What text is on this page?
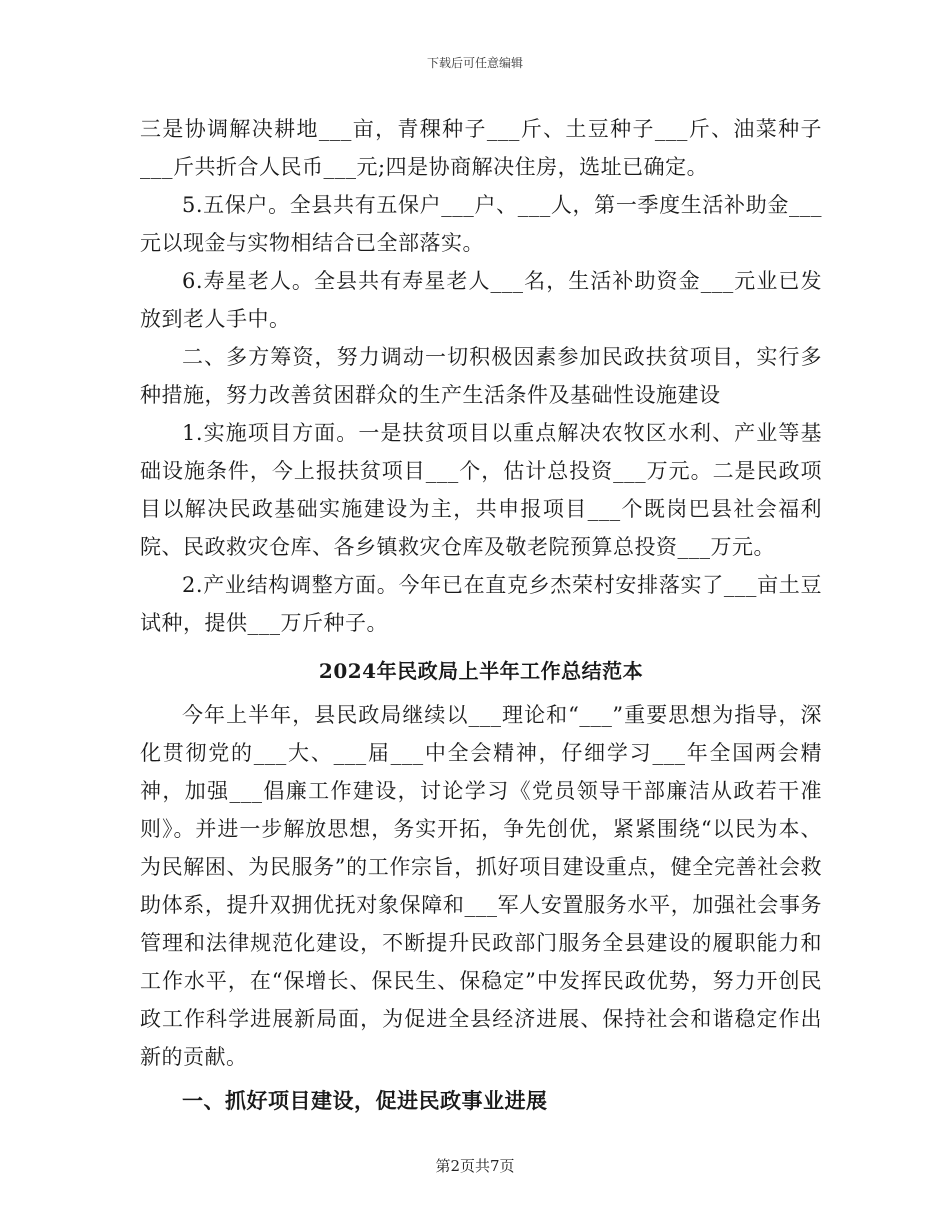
下载后可任意编辑

三是协调解决耕地___亩，青稞种子___斤、土豆种子___斤、油菜种子___斤共折合人民币___元;四是协商解决住房，选址已确定。

5.五保户。全县共有五保户___户、___人，第一季度生活补助金___元以现金与实物相结合已全部落实。

6.寿星老人。全县共有寿星老人___名，生活补助资金___元业已发放到老人手中。

二、多方筹资，努力调动一切积极因素参加民政扶贫项目，实行多种措施，努力改善贫困群众的生产生活条件及基础性设施建设

1.实施项目方面。一是扶贫项目以重点解决农牧区水利、产业等基础设施条件，今上报扶贫项目___个，估计总投资___万元。二是民政项目以解决民政基础实施建设为主，共申报项目___个既岗巴县社会福利院、民政救灾仓库、各乡镇救灾仓库及敬老院预算总投资___万元。

2.产业结构调整方面。今年已在直克乡杰荣村安排落实了___亩土豆试种，提供___万斤种子。

2024年民政局上半年工作总结范本

今年上半年，县民政局继续以___理论和“___”重要思想为指导，深化贯彻党的___大、___届___中全会精神，仔细学习___年全国两会精神，加强___倡廉工作建设，讨论学习《党员领导干部廉洁从政若干准则》。并进一步解放思想，务实开拓，争先创优，紧紧围绕“以民为本、为民解困、为民服务”的工作宗旨，抓好项目建设重点，健全完善社会救助体系，提升双拥优抚对象保障和___军人安置服务水平，加强社会事务管理和法律规范化建设，不断提升民政部门服务全县建设的履职能力和工作水平，在“保增长、保民生、保稳定”中发挥民政优势，努力开创民政工作科学进展新局面，为促进全县经济进展、保持社会和谐稳定作出新的贡献。

一、抓好项目建设，促进民政事业进展
第2页共7页
